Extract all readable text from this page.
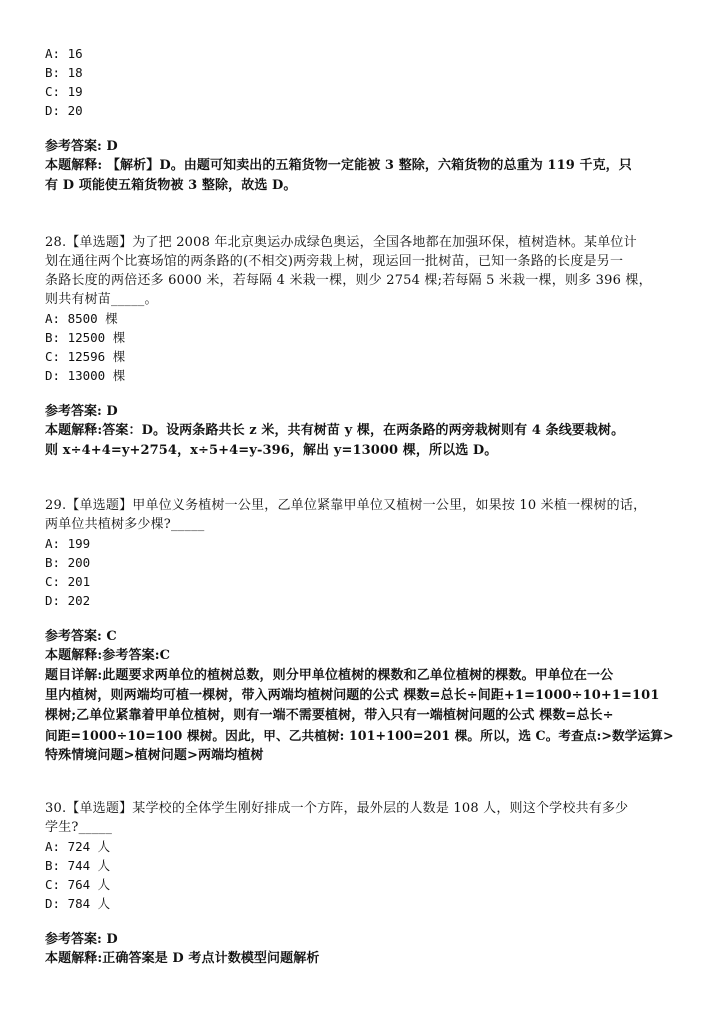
A: 16
B: 18
C: 19
D: 20
参考答案: D
本题解释: 【解析】D。由题可知卖出的五箱货物一定能被 3 整除，六箱货物的总重为 119 千克，只
有 D 项能使五箱货物被 3 整除，故选 D。
28.【单选题】为了把 2008 年北京奥运办成绿色奥运，全国各地都在加强环保，植树造林。某单位计
划在通往两个比赛场馆的两条路的(不相交)两旁栽上树，现运回一批树苗，已知一条路的长度是另一
条路长度的两倍还多 6000 米，若每隔 4 米栽一棵，则少 2754 棵;若每隔 5 米栽一棵，则多 396 棵，
则共有树苗_____。
A: 8500 棵
B: 12500 棵
C: 12596 棵
D: 13000 棵
参考答案: D
本题解释:答案：D。设两条路共长 z 米，共有树苗 y 棵，在两条路的两旁栽树则有 4 条线要栽树。
则 x÷4+4=y+2754，x÷5+4=y-396，解出 y=13000 棵，所以选 D。
29.【单选题】甲单位义务植树一公里，乙单位紧靠甲单位又植树一公里，如果按 10 米植一棵树的话，
两单位共植树多少棵?_____
A: 199
B: 200
C: 201
D: 202
参考答案: C
本题解释:参考答案:C
题目详解:此题要求两单位的植树总数，则分甲单位植树的棵数和乙单位植树的棵数。甲单位在一公
里内植树，则两端均可植一棵树，带入两端均植树问题的公式 棵数=总长÷间距+1=1000÷10+1=101
棵树;乙单位紧靠着甲单位植树，则有一端不需要植树，带入只有一端植树问题的公式 棵数=总长÷
间距=1000÷10=100 棵树。因此，甲、乙共植树: 101+100=201 棵。所以，选 C。考查点:>数学运算>
特殊情境问题>植树问题>两端均植树
30.【单选题】某学校的全体学生刚好排成一个方阵，最外层的人数是 108 人，则这个学校共有多少
学生?_____
A: 724 人
B: 744 人
C: 764 人
D: 784 人
参考答案: D
本题解释:正确答案是 D 考点计数模型问题解析
